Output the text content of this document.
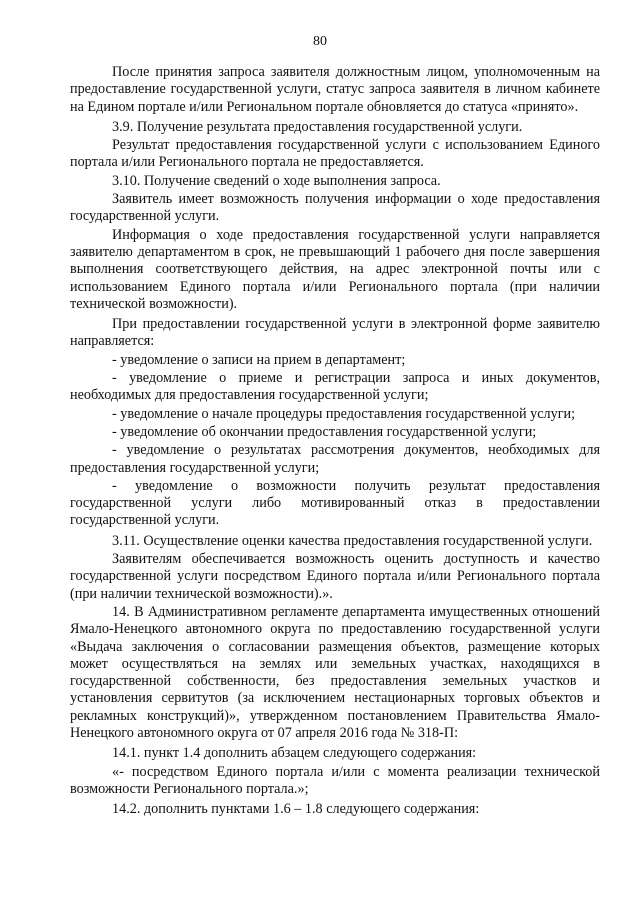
80

После принятия запроса заявителя должностным лицом, уполномоченным на предоставление государственной услуги, статус запроса заявителя в личном кабинете на Едином портале и/или Региональном портале обновляется до статуса «принято».

3.9. Получение результата предоставления государственной услуги.

Результат предоставления государственной услуги с использованием Единого портала и/или Регионального портала не предоставляется.

3.10. Получение сведений о ходе выполнения запроса.

Заявитель имеет возможность получения информации о ходе предоставления государственной услуги.

Информация о ходе предоставления государственной услуги направляется заявителю департаментом в срок, не превышающий 1 рабочего дня после завершения выполнения соответствующего действия, на адрес электронной почты или с использованием Единого портала и/или Регионального портала (при наличии технической возможности).

При предоставлении государственной услуги в электронной форме заявителю направляется:

- уведомление о записи на прием в департамент;

- уведомление о приеме и регистрации запроса и иных документов, необходимых для предоставления государственной услуги;

- уведомление о начале процедуры предоставления государственной услуги;

- уведомление об окончании предоставления государственной услуги;

- уведомление о результатах рассмотрения документов, необходимых для предоставления государственной услуги;

- уведомление о возможности получить результат предоставления государственной услуги либо мотивированный отказ в предоставлении государственной услуги.

3.11. Осуществление оценки качества предоставления государственной услуги.

Заявителям обеспечивается возможность оценить доступность и качество государственной услуги посредством Единого портала и/или Регионального портала (при наличии технической возможности).».

14. В Административном регламенте департамента имущественных отношений Ямало-Ненецкого автономного округа по предоставлению государственной услуги «Выдача заключения о согласовании размещения объектов, размещение которых может осуществляться на землях или земельных участках, находящихся в государственной собственности, без предоставления земельных участков и установления сервитутов (за исключением нестационарных торговых объектов и рекламных конструкций)», утвержденном постановлением Правительства Ямало-Ненецкого автономного округа от 07 апреля 2016 года № 318-П:

14.1. пункт 1.4 дополнить абзацем следующего содержания:

«- посредством Единого портала и/или с момента реализации технической возможности Регионального портала.»;

14.2. дополнить пунктами 1.6 – 1.8 следующего содержания:
